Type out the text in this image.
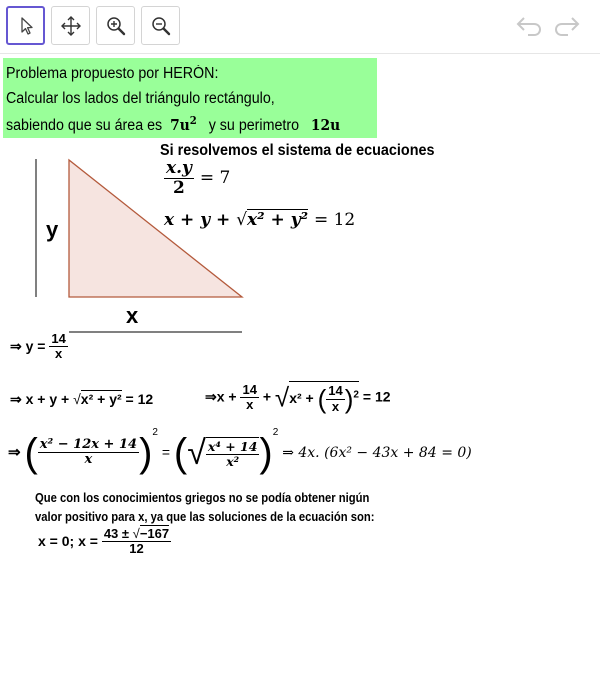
Problema propuesto por HERÓN:
Calcular los lados del triángulo rectángulo,
sabiendo que su área es $7u^2$ y su perimetro 12u
y
x
Si resolvemos el sistema de ecuaciones
$\frac{x.y}{2} = 7$
x + y + √x² + y² = 12
⇒ $y = \frac{14}{x}$
⇒ x + y + √x² + y² = 12	⇒x + $\frac{14}{x} + √x^2$ + ( $\frac{14}{x} )^2 = 12$
⇒ ( $\frac{\text{x² − 12x + 14}}{x} )^2$ = (√ $\frac{\text{x⁴ + 14}}{\text{x²}} )^2$ ⇒ 4x. (6x² − 43x + 84 = 0)
Que con los conocimientos griegos no se podía obtener nigún
valor positivo para x, ya que las soluciones de la ecuación son:
x = 0; $x = \frac{43 \pm √-167}{12}$
